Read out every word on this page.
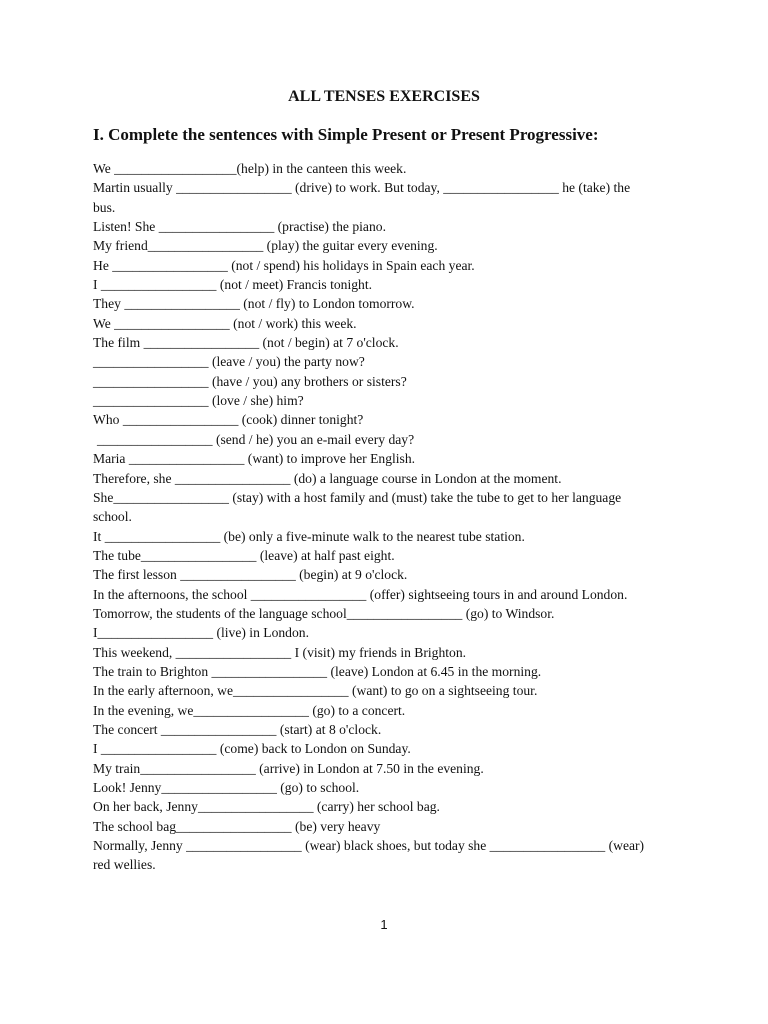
ALL TENSES EXERCISES
I. Complete the sentences with Simple Present or Present Progressive:
We __________________(help) in the canteen this week.
Martin usually _________________ (drive) to work. But today, _________________ he (take) the bus.
Listen! She _________________ (practise) the piano.
My friend_________________ (play) the guitar every evening.
He _________________ (not / spend) his holidays in Spain each year.
I _________________ (not / meet) Francis tonight.
They _________________ (not / fly) to London tomorrow.
We _________________ (not / work) this week.
The film _________________ (not / begin) at 7 o'clock.
_________________ (leave / you) the party now?
_________________ (have / you) any brothers or sisters?
_________________ (love / she) him?
Who _________________ (cook) dinner tonight?
_________________ (send / he) you an e-mail every day?
Maria _________________ (want) to improve her English.
Therefore, she _________________ (do) a language course in London at the moment.
She_________________ (stay) with a host family and (must) take the tube to get to her language school.
It _________________ (be) only a five-minute walk to the nearest tube station.
The tube_________________ (leave) at half past eight.
The first lesson _________________ (begin) at 9 o'clock.
In the afternoons, the school _________________ (offer) sightseeing tours in and around London.
Tomorrow, the students of the language school_________________ (go) to Windsor.
I_________________ (live) in London.
This weekend, _________________ I (visit) my friends in Brighton.
The train to Brighton _________________ (leave) London at 6.45 in the morning.
In the early afternoon, we_________________ (want) to go on a sightseeing tour.
In the evening, we_________________ (go) to a concert.
The concert _________________ (start) at 8 o'clock.
I _________________ (come) back to London on Sunday.
My train_________________ (arrive) in London at 7.50 in the evening.
Look! Jenny_________________ (go) to school.
On her back, Jenny_________________ (carry) her school bag.
The school bag_________________ (be) very heavy
Normally, Jenny _________________ (wear) black shoes, but today she _________________ (wear) red wellies.
1
